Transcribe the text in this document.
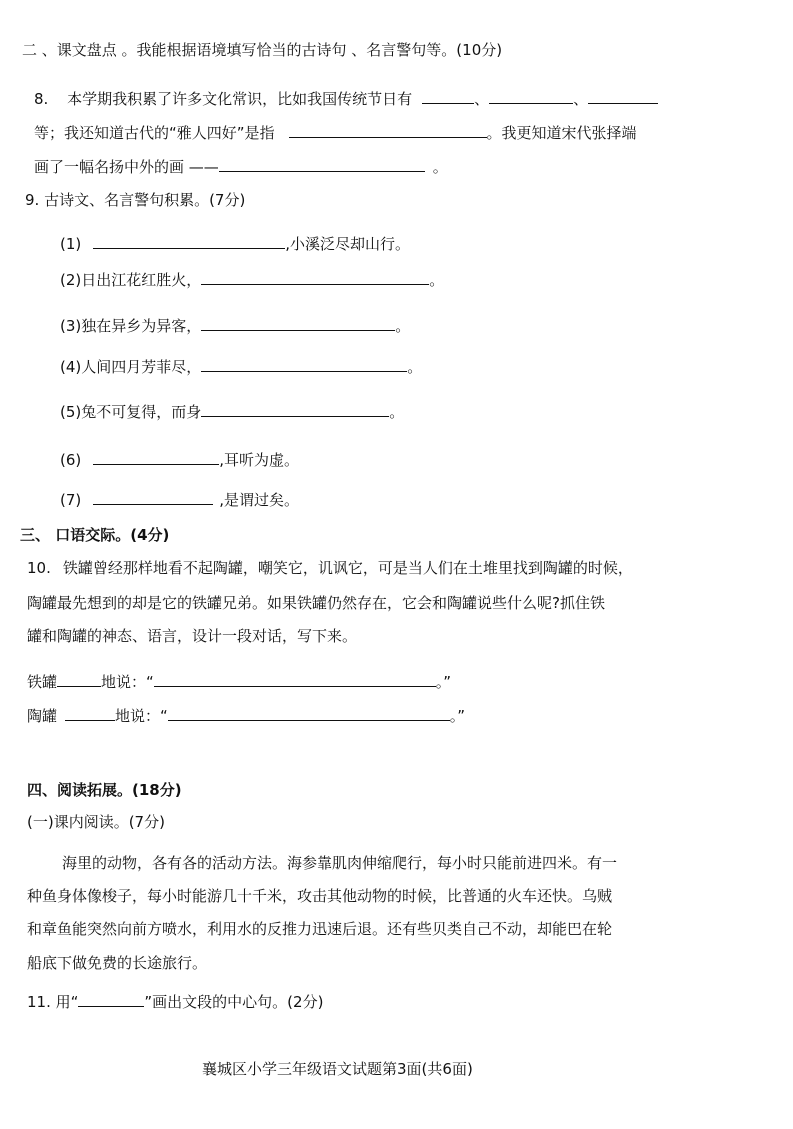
二 、课文盘点 。我能根据语境填写恰当的古诗句 、名言警句等。(10分)
8. 本学期我积累了许多文化常识，比如我国传统节日有	、	、
等；我还知道古代的“雅人四好”是指	。我更知道宋代张择端
画了一幅名扬中外的画 ——	。
9. 古诗文、名言警句积累。(7分)
(1)	,小溪泛尽却山行。
(2)日出江花红胜火，	。
(3)独在异乡为异客，	。
(4)人间四月芳菲尽，	。
(5)兔不可复得，而身	。
(6)	,耳听为虚。
(7)	,是谓过矣。
三、 口语交际。(4分)
10. 铁罐曾经那样地看不起陶罐，嘲笑它，讥讽它，可是当人们在土堆里找到陶罐的时候，
陶罐最先想到的却是它的铁罐兄弟。如果铁罐仍然存在，它会和陶罐说些什么呢?抓住铁
罐和陶罐的神态、语言，设计一段对话，写下来。
铁罐	地说：“	。”
陶罐	地说：“	。”
四、阅读拓展。(18分)
(一)课内阅读。(7分)
海里的动物，各有各的活动方法。海参靠肌肉伸缩爬行，每小时只能前进四米。有一
种鱼身体像梭子，每小时能游几十千米，攻击其他动物的时候，比普通的火车还快。乌贼
和章鱼能突然向前方喷水，利用水的反推力迅速后退。还有些贝类自己不动，却能巴在轮
船底下做免费的长途旅行。
11. 用“	”画出文段的中心句。(2分)
襄城区小学三年级语文试题第3面(共6面)
